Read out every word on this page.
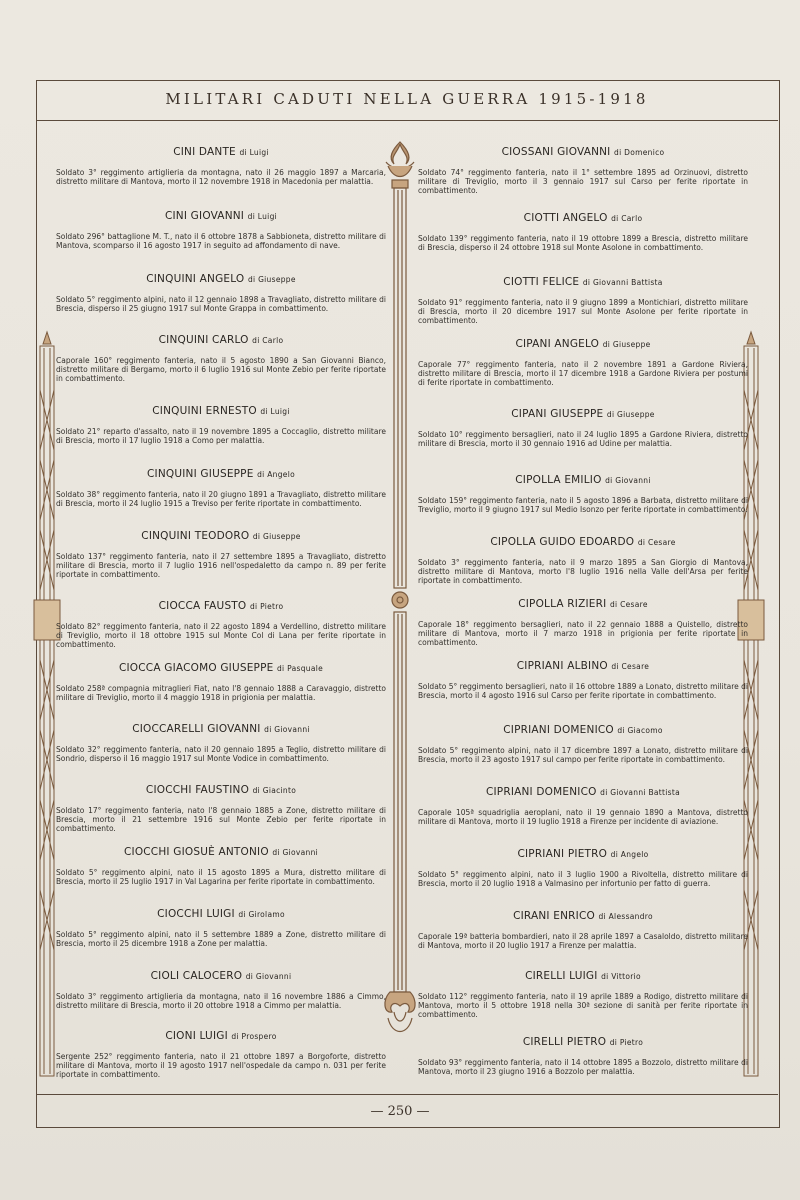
MILITARI CADUTI NELLA GUERRA 1915-1918
CINI DANTE di Luigi
Soldato 3° reggimento artiglieria da montagna, nato il 26 maggio 1897 a Marcaria, distretto militare di Mantova, morto il 12 novembre 1918 in Macedonia per malattia.
CINI GIOVANNI di Luigi
Soldato 296° battaglione M. T., nato il 6 ottobre 1878 a Sabbioneta, distretto militare di Mantova, scomparso il 16 agosto 1917 in seguito ad affondamento di nave.
CINQUINI ANGELO di Giuseppe
Soldato 5° reggimento alpini, nato il 12 gennaio 1898 a Travagliato, distretto militare di Brescia, disperso il 25 giugno 1917 sul Monte Grappa in combattimento.
CINQUINI CARLO di Carlo
Caporale 160° reggimento fanteria, nato il 5 agosto 1890 a San Giovanni Bianco, distretto militare di Bergamo, morto il 6 luglio 1916 sul Monte Zebio per ferite riportate in combattimento.
CINQUINI ERNESTO di Luigi
Soldato 21° reparto d'assalto, nato il 19 novembre 1895 a Coccaglio, distretto militare di Brescia, morto il 17 luglio 1918 a Como per malattia.
CINQUINI GIUSEPPE di Angelo
Soldato 38° reggimento fanteria, nato il 20 giugno 1891 a Travagliato, distretto militare di Brescia, morto il 24 luglio 1915 a Treviso per ferite riportate in combattimento.
CINQUINI TEODORO di Giuseppe
Soldato 137° reggimento fanteria, nato il 27 settembre 1895 a Travagliato, distretto militare di Brescia, morto il 7 luglio 1916 nell'ospedaletto da campo n. 89 per ferite riportate in combattimento.
CIOCCA FAUSTO di Pietro
Soldato 82° reggimento fanteria, nato il 22 agosto 1894 a Verdellino, distretto militare di Treviglio, morto il 18 ottobre 1915 sul Monte Col di Lana per ferite riportate in combattimento.
CIOCCA GIACOMO GIUSEPPE di Pasquale
Soldato 258ª compagnia mitraglieri Fiat, nato l'8 gennaio 1888 a Caravaggio, distretto militare di Treviglio, morto il 4 maggio 1918 in prigionia per malattia.
CIOCCARELLI GIOVANNI di Giovanni
Soldato 32° reggimento fanteria, nato il 20 gennaio 1895 a Teglio, distretto militare di Sondrio, disperso il 16 maggio 1917 sul Monte Vodice in combattimento.
CIOCCHI FAUSTINO di Giacinto
Soldato 17° reggimento fanteria, nato l'8 gennaio 1885 a Zone, distretto militare di Brescia, morto il 21 settembre 1916 sul Monte Zebio per ferite riportate in combattimento.
CIOCCHI GIOSUÈ ANTONIO di Giovanni
Soldato 5° reggimento alpini, nato il 15 agosto 1895 a Mura, distretto militare di Brescia, morto il 25 luglio 1917 in Val Lagarina per ferite riportate in combattimento.
CIOCCHI LUIGI di Girolamo
Soldato 5° reggimento alpini, nato il 5 settembre 1889 a Zone, distretto militare di Brescia, morto il 25 dicembre 1918 a Zone per malattia.
CIOLI CALOCERO di Giovanni
Soldato 3° reggimento artiglieria da montagna, nato il 16 novembre 1886 a Cimmo, distretto militare di Brescia, morto il 20 ottobre 1918 a Cimmo per malattia.
CIONI LUIGI di Prospero
Sergente 252° reggimento fanteria, nato il 21 ottobre 1897 a Borgoforte, distretto militare di Mantova, morto il 19 agosto 1917 nell'ospedale da campo n. 031 per ferite riportate in combattimento.
CIOSSANI GIOVANNI di Domenico
Soldato 74° reggimento fanteria, nato il 1° settembre 1895 ad Orzinuovi, distretto militare di Treviglio, morto il 3 gennaio 1917 sul Carso per ferite riportate in combattimento.
CIOTTI ANGELO di Carlo
Soldato 139° reggimento fanteria, nato il 19 ottobre 1899 a Brescia, distretto militare di Brescia, disperso il 24 ottobre 1918 sul Monte Asolone in combattimento.
CIOTTI FELICE di Giovanni Battista
Soldato 91° reggimento fanteria, nato il 9 giugno 1899 a Montichiari, distretto militare di Brescia, morto il 20 dicembre 1917 sul Monte Asolone per ferite riportate in combattimento.
CIPANI ANGELO di Giuseppe
Caporale 77° reggimento fanteria, nato il 2 novembre 1891 a Gardone Riviera, distretto militare di Brescia, morto il 17 dicembre 1918 a Gardone Riviera per postumi di ferite riportate in combattimento.
CIPANI GIUSEPPE di Giuseppe
Soldato 10° reggimento bersaglieri, nato il 24 luglio 1895 a Gardone Riviera, distretto militare di Brescia, morto il 30 gennaio 1916 ad Udine per malattia.
CIPOLLA EMILIO di Giovanni
Soldato 159° reggimento fanteria, nato il 5 agosto 1896 a Barbata, distretto militare di Treviglio, morto il 9 giugno 1917 sul Medio Isonzo per ferite riportate in combattimento.
CIPOLLA GUIDO EDOARDO di Cesare
Soldato 3° reggimento fanteria, nato il 9 marzo 1895 a San Giorgio di Mantova, distretto militare di Mantova, morto l'8 luglio 1916 nella Valle dell'Arsa per ferite riportate in combattimento.
CIPOLLA RIZIERI di Cesare
Caporale 18° reggimento bersaglieri, nato il 22 gennaio 1888 a Quistello, distretto militare di Mantova, morto il 7 marzo 1918 in prigionia per ferite riportate in combattimento.
CIPRIANI ALBINO di Cesare
Soldato 5° reggimento bersaglieri, nato il 16 ottobre 1889 a Lonato, distretto militare di Brescia, morto il 4 agosto 1916 sul Carso per ferite riportate in combattimento.
CIPRIANI DOMENICO di Giacomo
Soldato 5° reggimento alpini, nato il 17 dicembre 1897 a Lonato, distretto militare di Brescia, morto il 23 agosto 1917 sul campo per ferite riportate in combattimento.
CIPRIANI DOMENICO di Giovanni Battista
Caporale 105ª squadriglia aeroplani, nato il 19 gennaio 1890 a Mantova, distretto militare di Mantova, morto il 19 luglio 1918 a Firenze per incidente di aviazione.
CIPRIANI PIETRO di Angelo
Soldato 5° reggimento alpini, nato il 3 luglio 1900 a Rivoltella, distretto militare di Brescia, morto il 20 luglio 1918 a Valmasino per infortunio per fatto di guerra.
CIRANI ENRICO di Alessandro
Caporale 19ª batteria bombardieri, nato il 28 aprile 1897 a Casaloldo, distretto militare di Mantova, morto il 20 luglio 1917 a Firenze per malattia.
CIRELLI LUIGI di Vittorio
Soldato 112° reggimento fanteria, nato il 19 aprile 1889 a Rodigo, distretto militare di Mantova, morto il 5 ottobre 1918 nella 30ª sezione di sanità per ferite riportate in combattimento.
CIRELLI PIETRO di Pietro
Soldato 93° reggimento fanteria, nato il 14 ottobre 1895 a Bozzolo, distretto militare di Mantova, morto il 23 giugno 1916 a Bozzolo per malattia.
— 250 —
